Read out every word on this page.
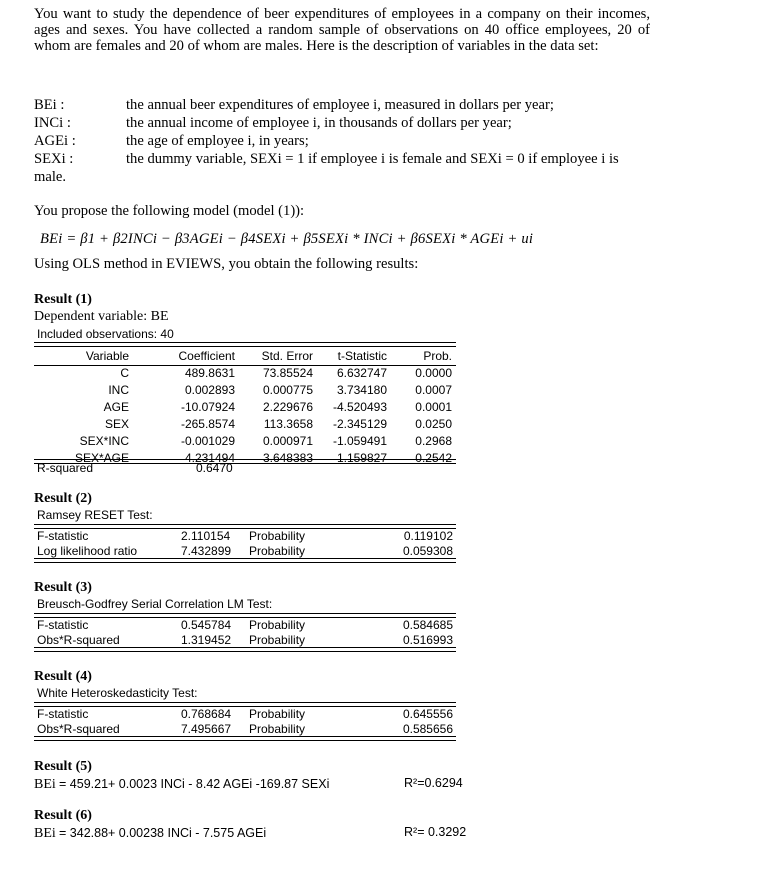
You want to study the dependence of beer expenditures of employees in a company on their incomes, ages and sexes. You have collected a random sample of observations on 40 office employees, 20 of whom are females and 20 of whom are males. Here is the description of variables in the data set:
BEi :	the annual beer expenditures of employee i, measured in dollars per year;
INCi :	the annual income of employee i, in thousands of dollars per year;
AGEi :	the age of employee i, in years;
SEXi :	the dummy variable, SEXi = 1 if employee i is female and SEXi = 0 if employee i is
male.
You propose the following model (model (1)):
BEi = β1 + β2INCi − β3AGEi − β4SEXi + β5SEXi * INCi + β6SEXi * AGEi + ui
Using OLS method in EVIEWS, you obtain the following results:
Result (1)
Dependent variable: BE
Included observations: 40
Variable	Coefficient	Std. Error	t-Statistic	Prob.
C	489.8631	73.85524	6.632747	0.0000
INC	0.002893	0.000775	3.734180	0.0007
AGE	-10.07924	2.229676	-4.520493	0.0001
SEX	-265.8574	113.3658	-2.345129	0.0250
SEX*INC	-0.001029	0.000971	-1.059491	0.2968
SEX*AGE	4.231494	3.648383	1.159827	0.2542
R-squared	0.6470
Result (2)
Ramsey RESET Test:
F-statistic	2.110154 Probability	0.119102
Log likelihood ratio	7.432899 Probability	0.059308
Result (3)
Breusch-Godfrey Serial Correlation LM Test:
F-statistic	0.545784 Probability	0.584685
Obs*R-squared	1.319452 Probability	0.516993
Result (4)
White Heteroskedasticity Test:
F-statistic	0.768684 Probability	0.645556
Obs*R-squared	7.495667 Probability	0.585656
Result (5)
BEi = 459.21+ 0.0023 INCi - 8.42 AGEi -169.87 SEXi	R²=0.6294
Result (6)
BEi = 342.88+ 0.00238 INCi - 7.575 AGEi	R²= 0.3292
